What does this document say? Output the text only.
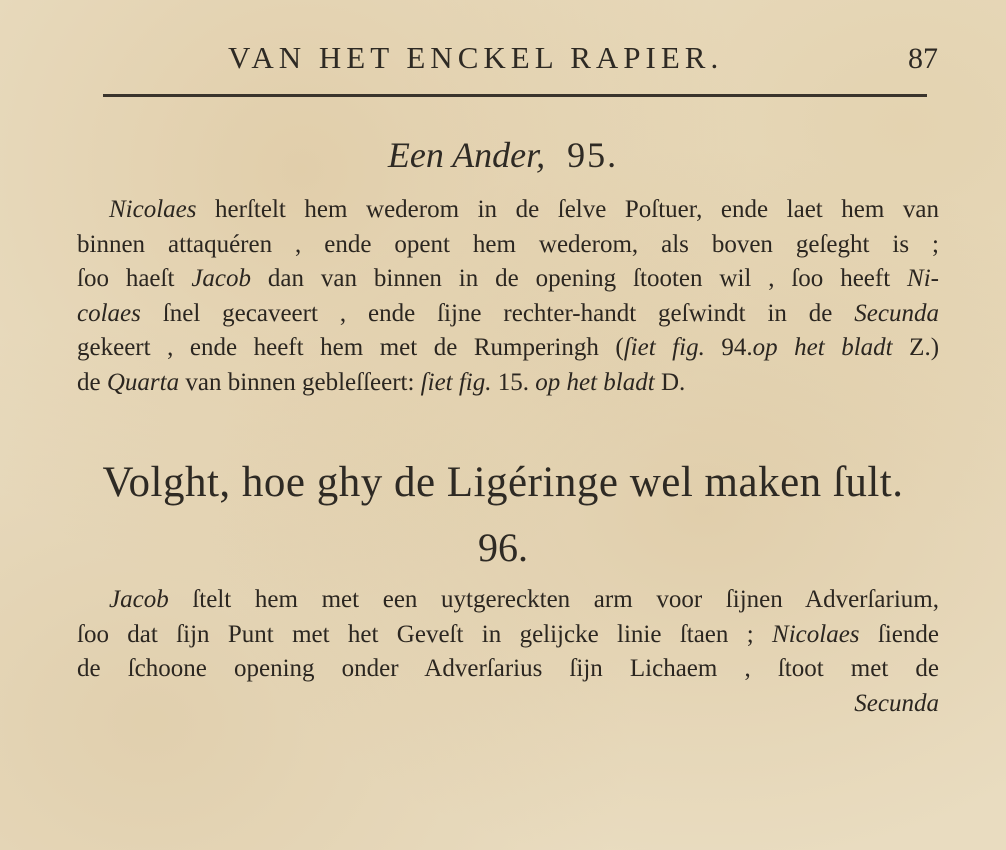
VAN HET ENCKEL RAPIER.	87
Een Ander, 95.
Nicolaes herſtelt hem wederom in de ſelve Poſtuer, ende laet hem van
binnen attaquéren , ende opent hem wederom, als boven geſeght is ;
ſoo haeſt Jacob dan van binnen in de opening ſtooten wil , ſoo heeft Ni-
colaes ſnel gecaveert , ende ſijne rechter-handt geſwindt in de Secunda
gekeert , ende heeft hem met de Rumperingh (ſiet fig. 94.op het bladt Z.)
de Quarta van binnen gebleſſeert: ſiet fig. 15. op het bladt D.
Volght, hoe ghy de Ligéringe wel maken ſult.
96.
Jacob ſtelt hem met een uytgereckten arm voor ſijnen Adverſarium,
ſoo dat ſijn Punt met het Geveſt in gelijcke linie ſtaen ; Nicolaes ſiende
de ſchoone opening onder Adverſarius ſijn Lichaem , ſtoot met de
Secunda
